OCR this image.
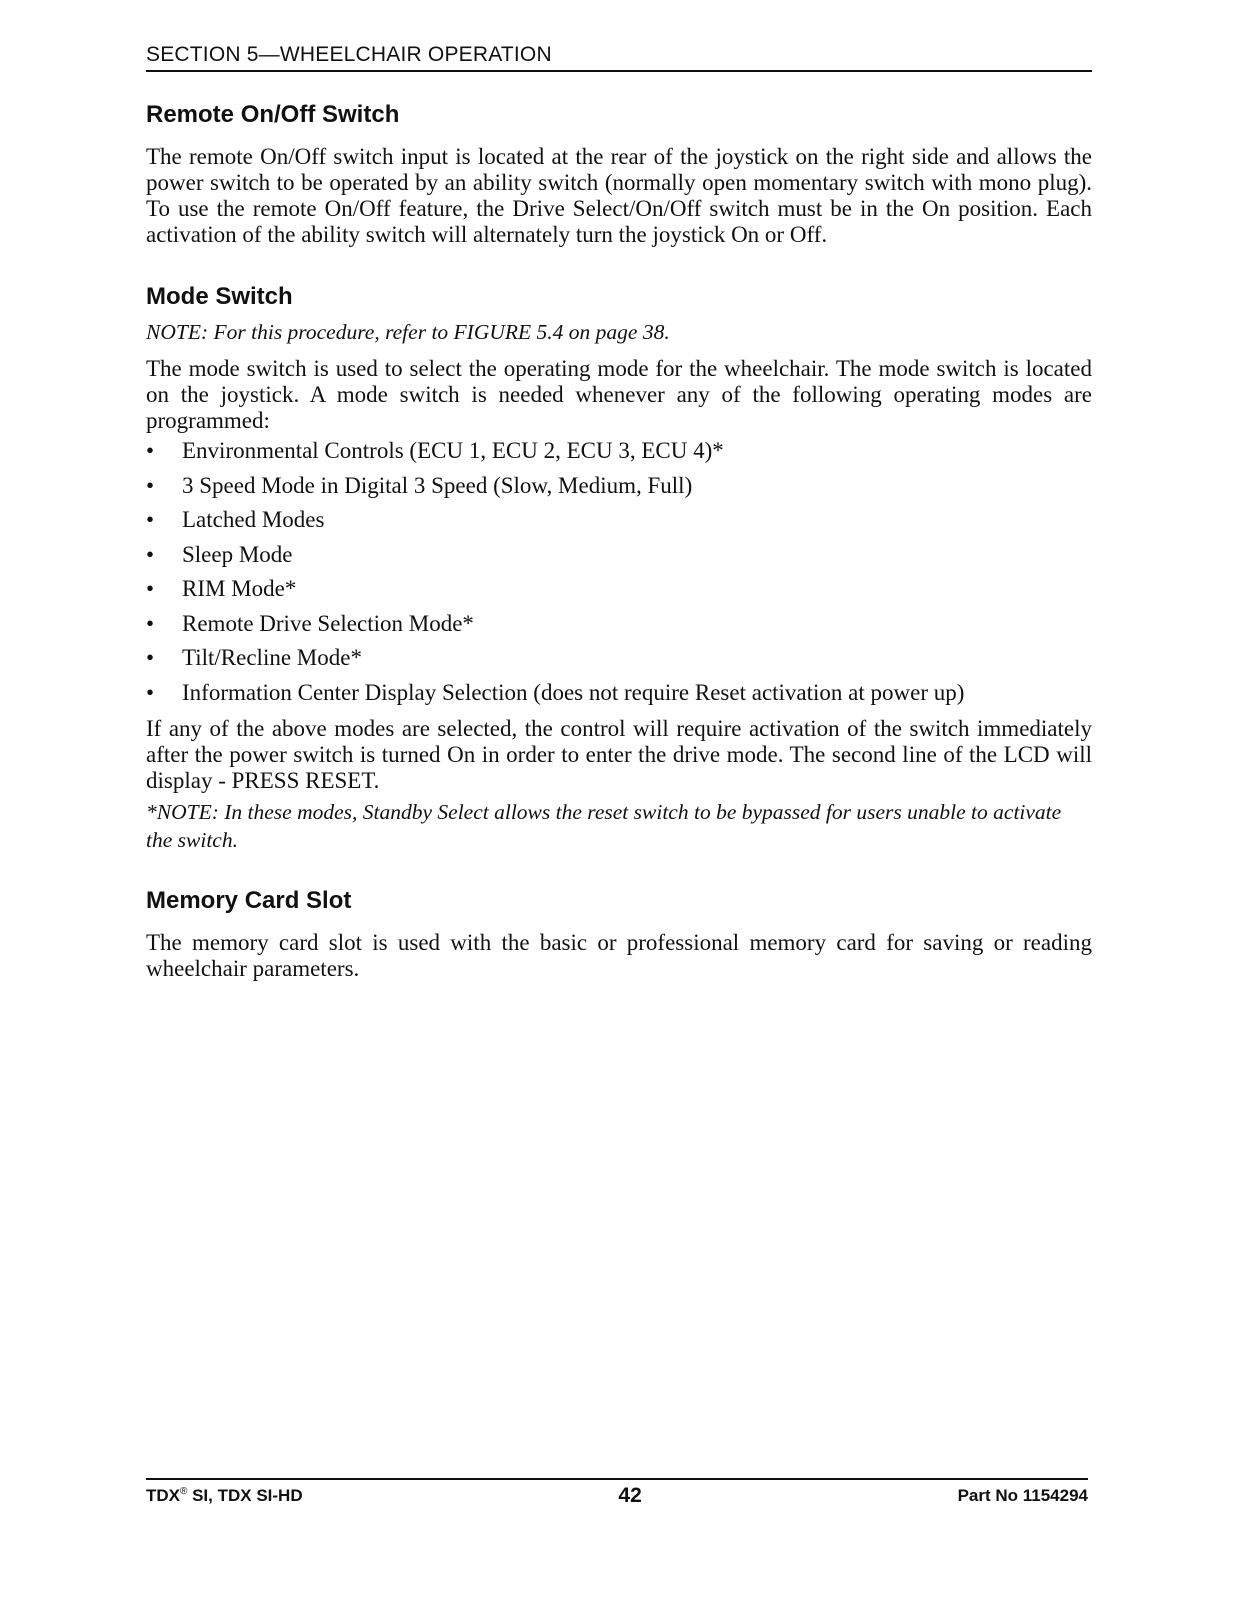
SECTION 5—WHEELCHAIR OPERATION
Remote On/Off Switch

The remote On/Off switch input is located at the rear of the joystick on the right side and allows the power switch to be operated by an ability switch (normally open momentary switch with mono plug). To use the remote On/Off feature, the Drive Select/On/Off switch must be in the On position. Each activation of the ability switch will alternately turn the joystick On or Off.

Mode Switch
NOTE: For this procedure, refer to FIGURE 5.4 on page 38.

The mode switch is used to select the operating mode for the wheelchair. The mode switch is located on the joystick. A mode switch is needed whenever any of the following operating modes are programmed:

• Environmental Controls (ECU 1, ECU 2, ECU 3, ECU 4)*
• 3 Speed Mode in Digital 3 Speed (Slow, Medium, Full)
• Latched Modes
• Sleep Mode
• RIM Mode*
• Remote Drive Selection Mode*
• Tilt/Recline Mode*
• Information Center Display Selection (does not require Reset activation at power up)

If any of the above modes are selected, the control will require activation of the switch immediately after the power switch is turned On in order to enter the drive mode. The second line of the LCD will display - PRESS RESET.

*NOTE: In these modes, Standby Select allows the reset switch to be bypassed for users unable to activate the switch.
Memory Card Slot

The memory card slot is used with the basic or professional memory card for saving or reading wheelchair parameters.

TDX® SI, TDX SI-HD	42	Part No 1154294
